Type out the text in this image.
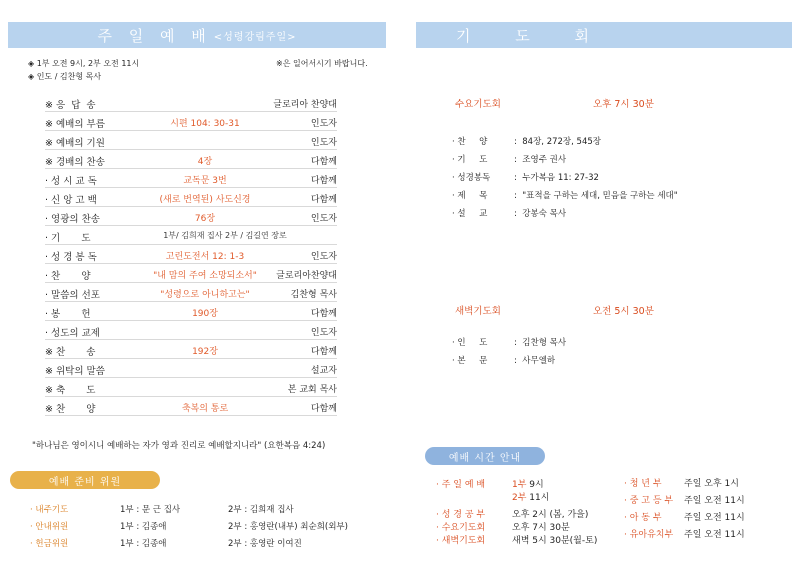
주 일 예 배 <성령강림주일>
◈ 1부 오전 9시, 2부 오전 11시
◈ 인도 / 김찬형 목사
※은 일어서시기 바랍니다.
※ 응  답  송	글로리아 찬양대
※ 예배의 부름	시편 104: 30-31	인도자
※ 예배의 기원	인도자
※ 경배의 찬송	4장	다함께
· 성 시 교 독	교독문 3번	다함께
· 신 앙 고 백	(새로 번역된) 사도신경	다함께
· 영광의 찬송	76장	인도자
· 기       도	1부/ 김희재 집사 2부 / 김길연 장로
· 성 경 봉 독	고린도전서 12: 1-3	인도자
· 찬       양	"내 맘의 주여 소망되소서"	글로리아찬양대
· 말씀의 선포	"성령으로 아니하고는"	김찬형 목사
· 봉       헌	190장	다함께
· 성도의 교제	인도자
※ 찬       송	192장	다함께
※ 위탁의 말씀	설교자
※ 축       도	본 교회 목사
※ 찬       양	축복의 통로	다함께
"하나님은 영이시니 예배하는 자가 영과 진리로 예배할지니라" (요한복음 4:24)
예배 준비 위원
· 내주기도	1부 : 문 근 집사	2부 : 김희재 집사
· 안내위원	1부 : 김종애	2부 : 홍영란(내부) 최순희(외부)
· 헌금위원	1부 : 김종애	2부 : 홍영란 이여진
기 도 회
수요기도회	오후 7시 30분
· 찬     양	:  84장, 272장, 545장
· 기     도	:  조영주 권사
· 성경봉독	:  누가복음 11: 27-32
· 제     목	:  "표적을 구하는 세대, 믿음을 구하는 세대"
· 설     교	:  강봉숙 목사
새벽기도회	오전 5시 30분
· 인     도	:  김찬형 목사
· 본     문	:  사무엘하
예배 시간 안내
· 주 일 예 배	1부 9시
2부 11시
· 성 경 공 부	오후 2시 (봄, 가을)
· 수요기도회	오후 7시 30분
· 새벽기도회	새벽 5시 30분(월-토)
· 청 년 부 주일 오후 1시
· 중 고 등 부 주일 오전 11시
· 아 동 부 주일 오전 11시
· 유아유치부 주일 오전 11시
